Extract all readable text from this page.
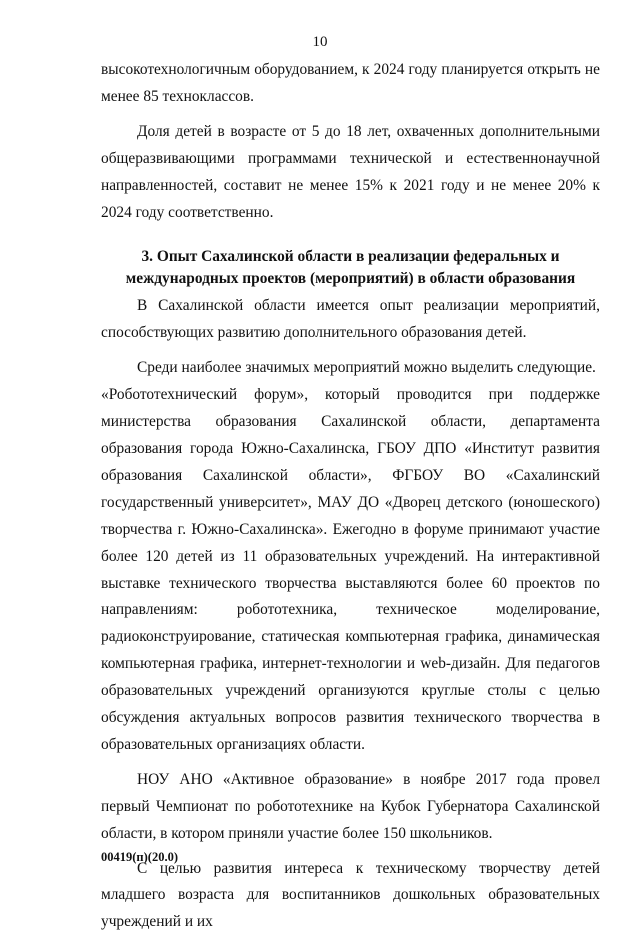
10

высокотехнологичным оборудованием, к 2024 году планируется открыть не менее 85 техноклассов.

Доля детей в возрасте от 5 до 18 лет, охваченных дополнительными общеразвивающими программами технической и естественнонаучной направленностей, составит не менее 15% к 2021 году и не менее 20% к 2024 году соответственно.

3. Опыт Сахалинской области в реализации федеральных и международных проектов (мероприятий) в области образования

В Сахалинской области имеется опыт реализации мероприятий, способствующих развитию дополнительного образования детей.

Среди наиболее значимых мероприятий можно выделить следующие.

«Робототехнический форум», который проводится при поддержке министерства образования Сахалинской области, департамента образования города Южно-Сахалинска, ГБОУ ДПО «Институт развития образования Сахалинской области», ФГБОУ ВО «Сахалинский государственный университет», МАУ ДО «Дворец детского (юношеского) творчества г. Южно-Сахалинска». Ежегодно в форуме принимают участие более 120 детей из 11 образовательных учреждений. На интерактивной выставке технического творчества выставляются более 60 проектов по направлениям: робототехника, техническое моделирование, радиоконструирование, статическая компьютерная графика, динамическая компьютерная графика, интернет-технологии и web-дизайн. Для педагогов образовательных учреждений организуются круглые столы с целью обсуждения актуальных вопросов развития технического творчества в образовательных организациях области.

НОУ АНО «Активное образование» в ноябре 2017 года провел первый Чемпионат по робототехнике на Кубок Губернатора Сахалинской области, в котором приняли участие более 150 школьников.

С целью развития интереса к техническому творчеству детей младшего возраста для воспитанников дошкольных образовательных учреждений и их

00419(п)(20.0)
